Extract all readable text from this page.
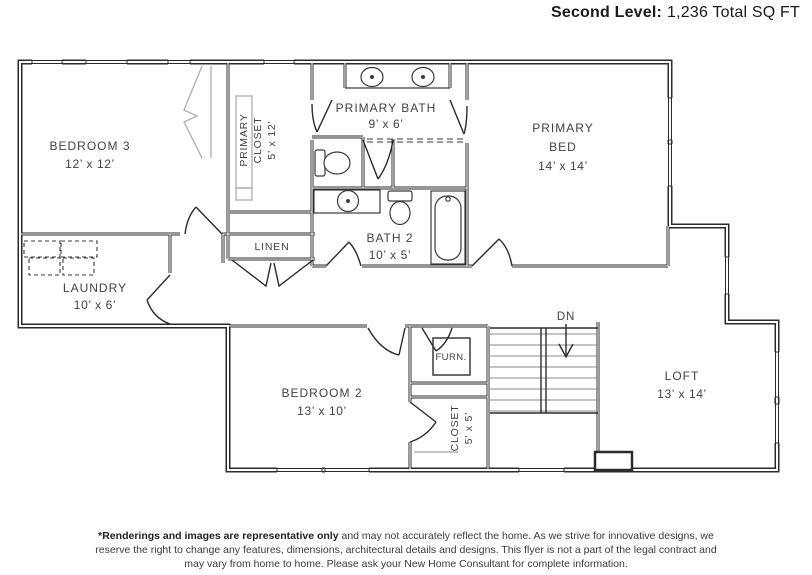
Second Level: 1,236 Total SQ FT
BEDROOM 3
12’ x 12’	PRIMARY CLOSET 5’ x 12’
PRIMARY BATH
9’ x 6’	PRIMARY
BED
14’ x 14’
LINEN
BATH 2
10’ x 5’
LAUNDRY
10’ x 6’
BEDROOM 2
13’ x 10’
FURN.
CLOSET 5’ x 5’
DN
LOFT
13’ x 14’
*Renderings and images are representative only and may not accurately reflect the home. As we strive for innovative designs, we
reserve the right to change any features, dimensions, architectural details and designs. This flyer is not a part of the legal contract and
may vary from home to home. Please ask your New Home Consultant for complete information.
